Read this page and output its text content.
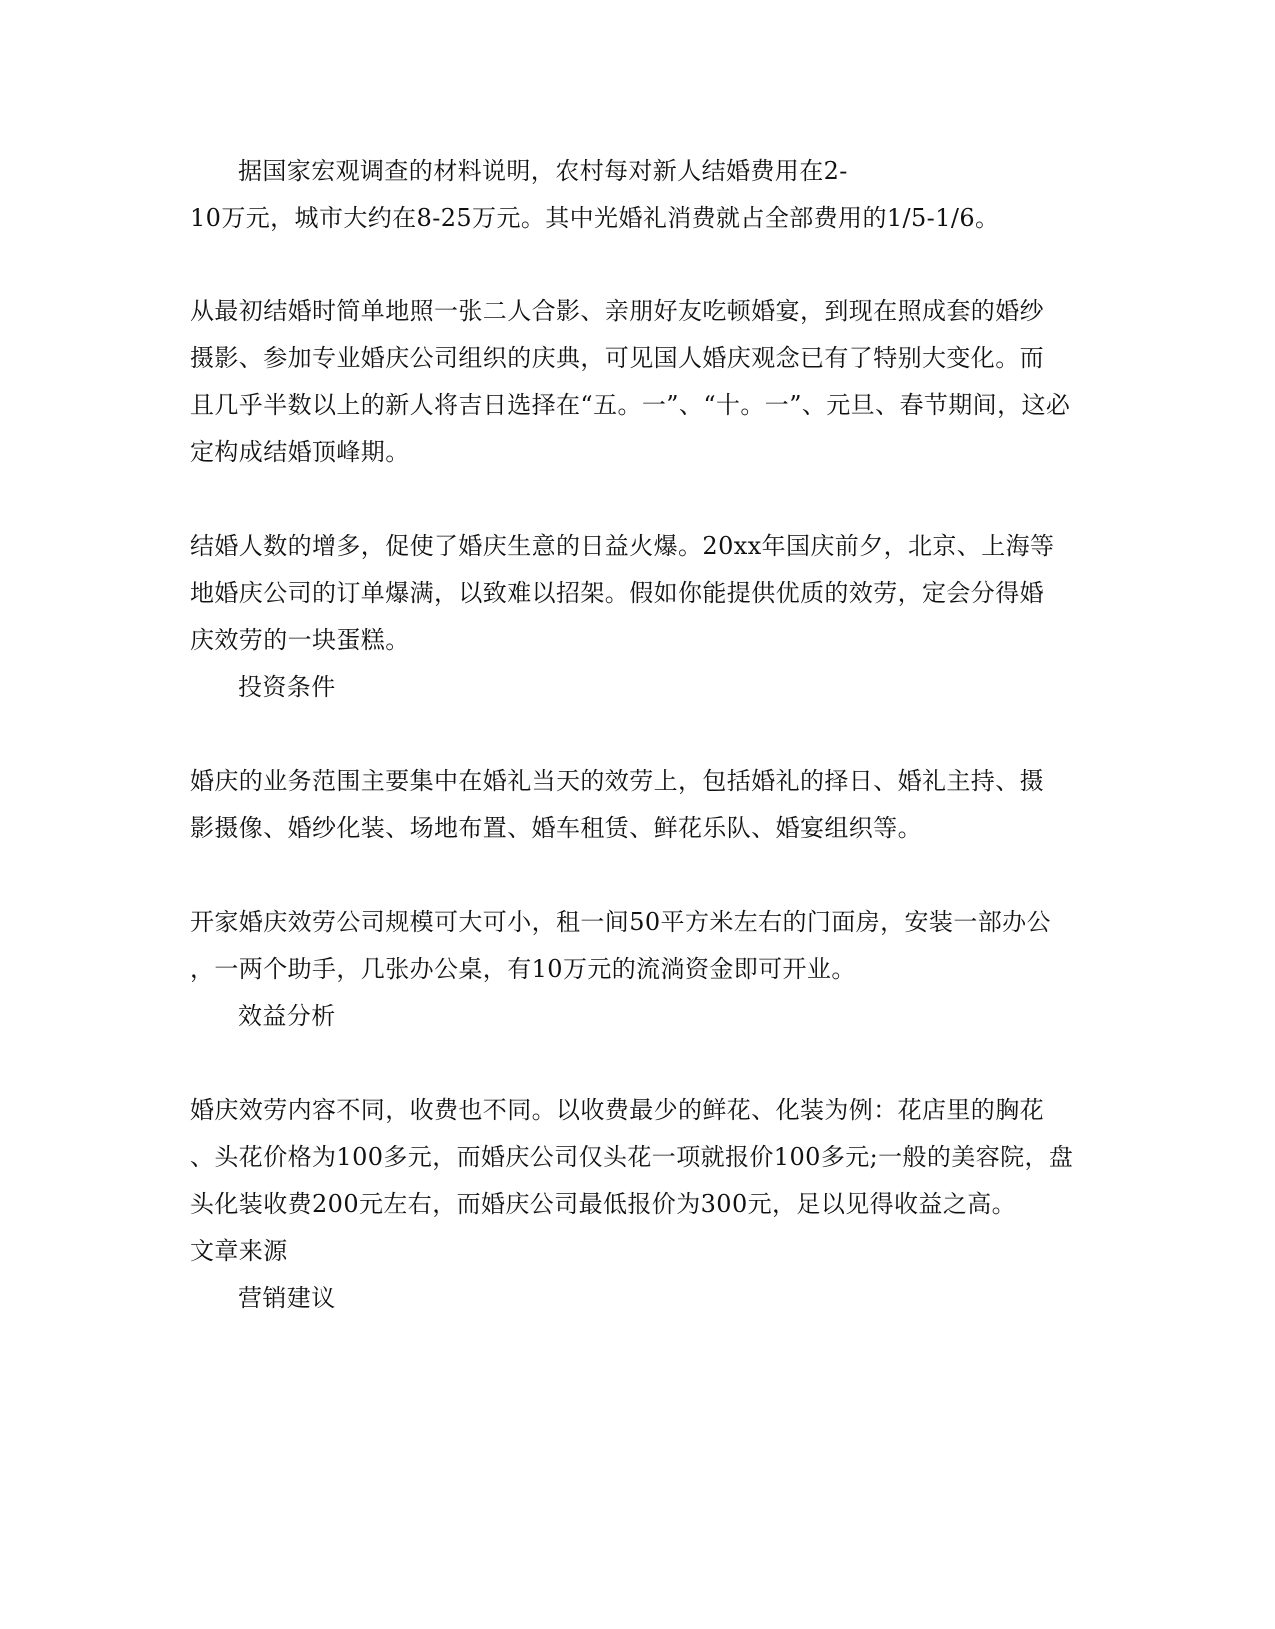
据国家宏观调查的材料说明，农村每对新人结婚费用在2-

10万元，城市大约在8-25万元。其中光婚礼消费就占全部费用的1/5-1/6。

从最初结婚时简单地照一张二人合影、亲朋好友吃顿婚宴，到现在照成套的婚纱

摄影、参加专业婚庆公司组织的庆典，可见国人婚庆观念已有了特别大变化。而

且几乎半数以上的新人将吉日选择在“五。一”、“十。一”、元旦、春节期间，这必

定构成结婚顶峰期。

结婚人数的增多，促使了婚庆生意的日益火爆。20xx年国庆前夕，北京、上海等

地婚庆公司的订单爆满，以致难以招架。假如你能提供优质的效劳，定会分得婚

庆效劳的一块蛋糕。

投资条件

婚庆的业务范围主要集中在婚礼当天的效劳上，包括婚礼的择日、婚礼主持、摄

影摄像、婚纱化装、场地布置、婚车租赁、鲜花乐队、婚宴组织等。

开家婚庆效劳公司规模可大可小，租一间50平方米左右的门面房，安装一部办公

，一两个助手，几张办公桌，有10万元的流淌资金即可开业。

效益分析

婚庆效劳内容不同，收费也不同。以收费最少的鲜花、化装为例：花店里的胸花

、头花价格为100多元，而婚庆公司仅头花一项就报价100多元;一般的美容院，盘

头化装收费200元左右，而婚庆公司最低报价为300元，足以见得收益之高。

文章来源

营销建议
